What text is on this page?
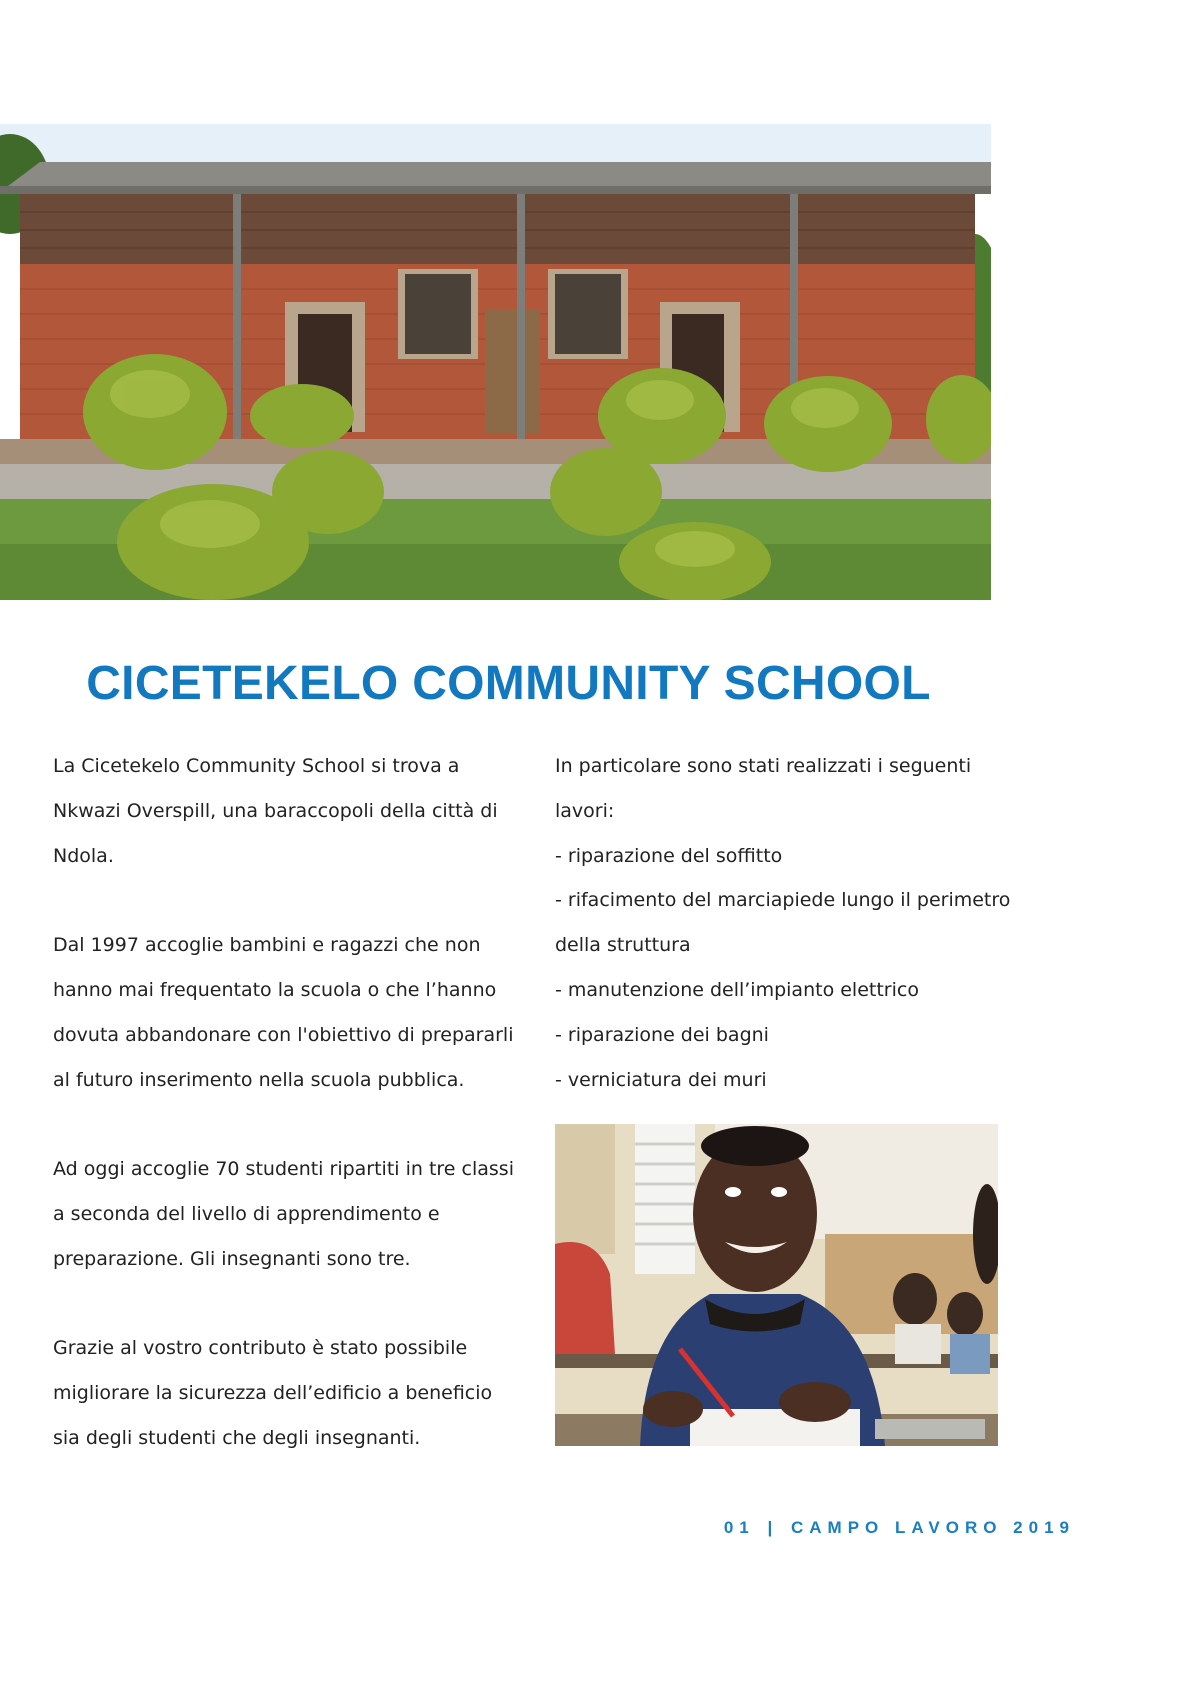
CICETEKELO COMMUNITY SCHOOL

La Cicetekelo Community School si trova a Nkwazi Overspill, una baraccopoli della città di Ndola.

Dal 1997 accoglie bambini e ragazzi che non hanno mai frequentato la scuola o che l’hanno dovuta abbandonare con l'obiettivo di prepararli al futuro inserimento nella scuola pubblica.

Ad oggi accoglie 70 studenti ripartiti in tre classi a seconda del livello di apprendimento e preparazione. Gli insegnanti sono tre.

Grazie al vostro contributo è stato possibile migliorare la sicurezza dell’edificio a beneficio sia degli studenti che degli insegnanti.

In particolare sono stati realizzati i seguenti lavori:
- riparazione del soffitto
- rifacimento del marciapiede lungo il perimetro della struttura
- manutenzione dell’impianto elettrico
- riparazione dei bagni
- verniciatura dei muri
01 | CAMPO LAVORO 2019
